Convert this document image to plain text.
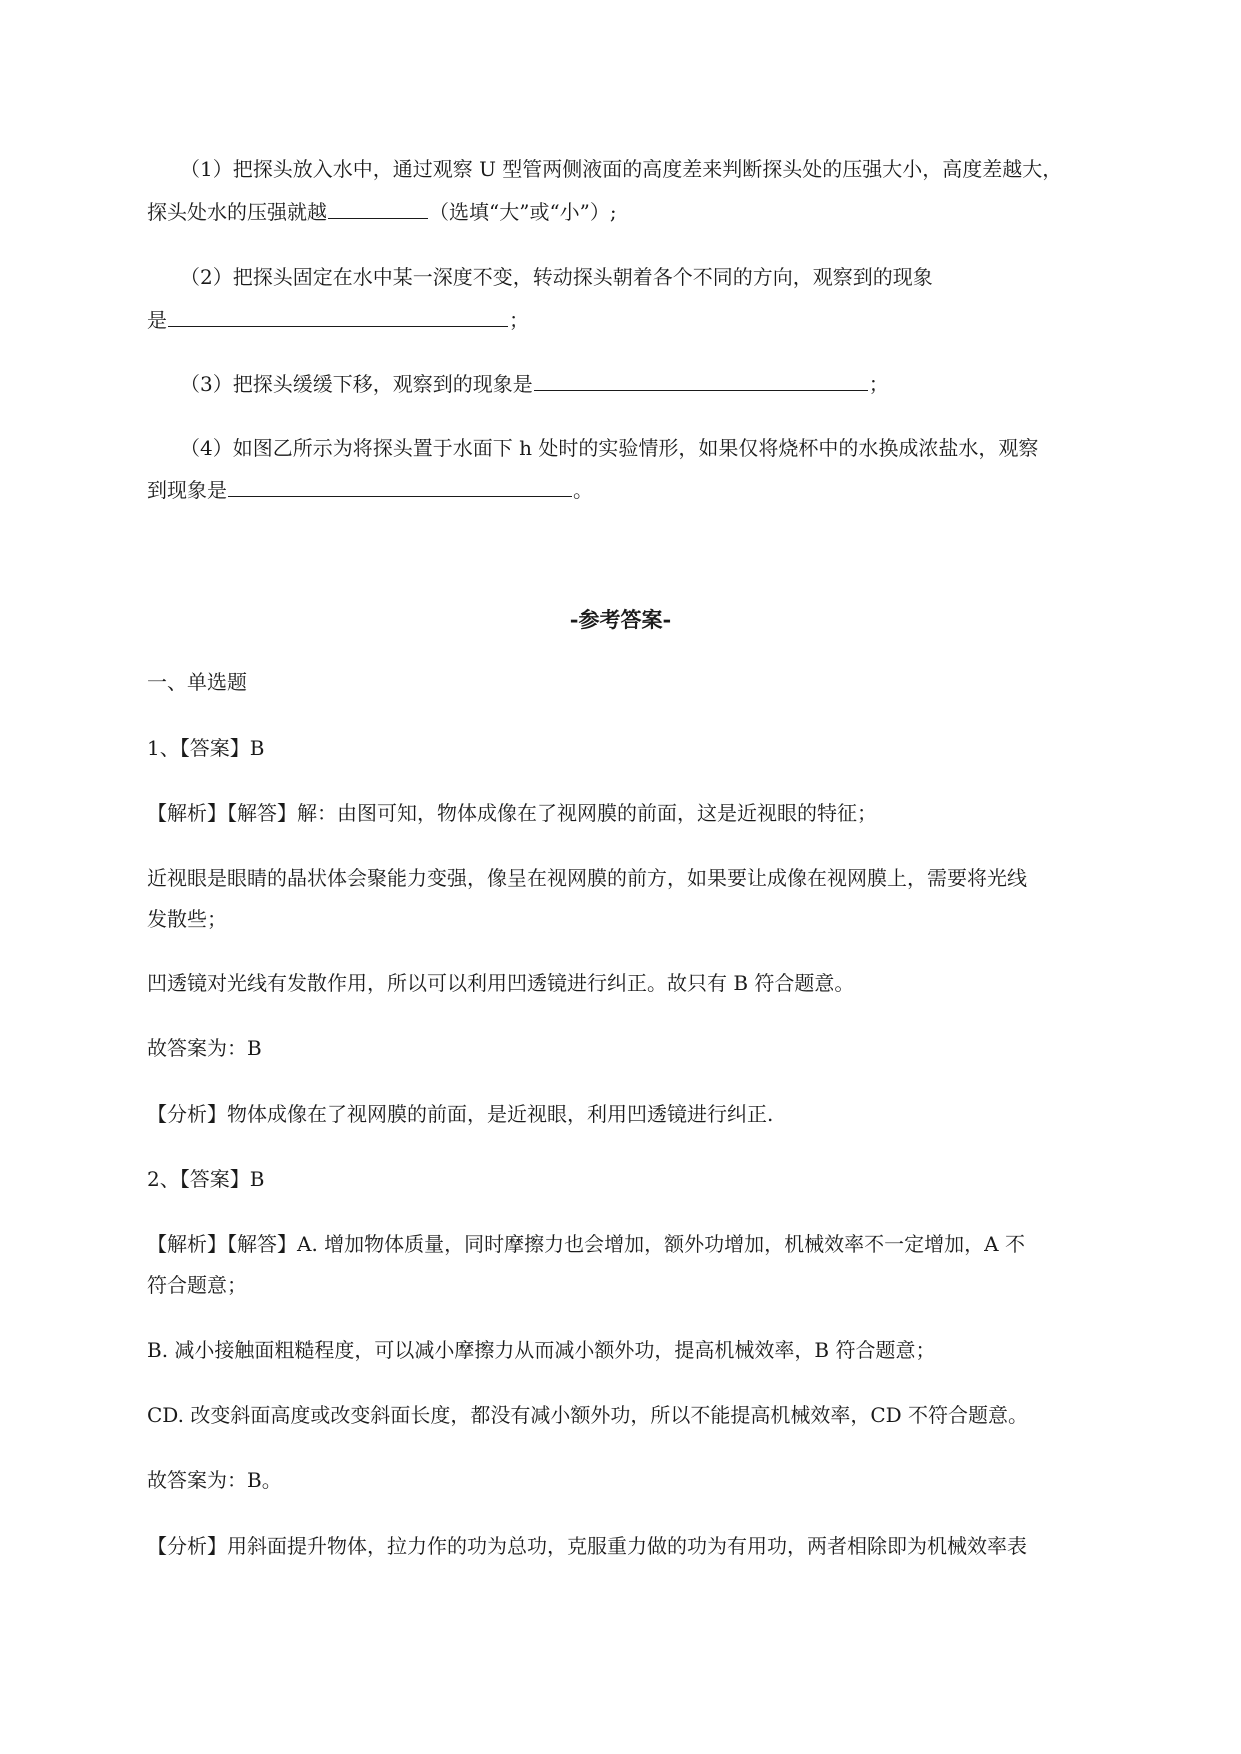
（1）把探头放入水中，通过观察 U 型管两侧液面的高度差来判断探头处的压强大小，高度差越大，
探头处水的压强就越	（选填“大”或“小”）;
（2）把探头固定在水中某一深度不变，转动探头朝着各个不同的方向，观察到的现象
是	；
（3）把探头缓缓下移，观察到的现象是	；
（4）如图乙所示为将探头置于水面下 h 处时的实验情形，如果仅将烧杯中的水换成浓盐水，观察
到现象是	。
-参考答案-
一、单选题
1、【答案】B
【解析】【解答】解：由图可知，物体成像在了视网膜的前面，这是近视眼的特征；
近视眼是眼睛的晶状体会聚能力变强，像呈在视网膜的前方，如果要让成像在视网膜上，需要将光线
发散些；
凹透镜对光线有发散作用，所以可以利用凹透镜进行纠正。故只有 B 符合题意。
故答案为：B
【分析】物体成像在了视网膜的前面，是近视眼，利用凹透镜进行纠正.
2、【答案】B
【解析】【解答】A. 增加物体质量，同时摩擦力也会增加，额外功增加，机械效率不一定增加，A 不
符合题意；
B. 减小接触面粗糙程度，可以减小摩擦力从而减小额外功，提高机械效率，B 符合题意；
CD. 改变斜面高度或改变斜面长度，都没有减小额外功，所以不能提高机械效率，CD 不符合题意。
故答案为：B。
【分析】用斜面提升物体，拉力作的功为总功，克服重力做的功为有用功，两者相除即为机械效率表
